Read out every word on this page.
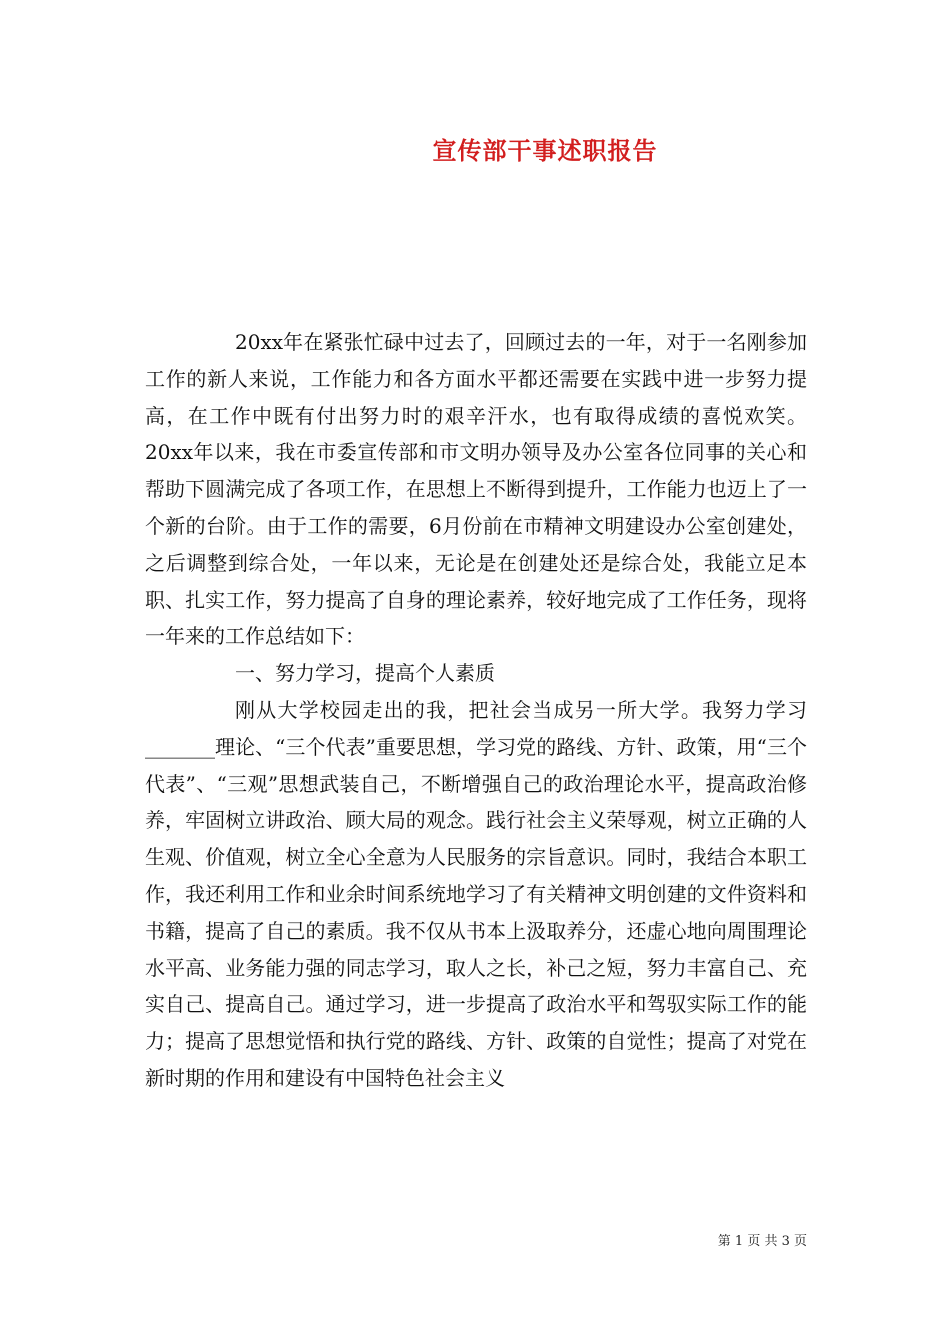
宣传部干事述职报告

20xx年在紧张忙碌中过去了，回顾过去的一年，对于一名刚参加工作的新人来说，工作能力和各方面水平都还需要在实践中进一步努力提高，在工作中既有付出努力时的艰辛汗水，也有取得成绩的喜悦欢笑。20xx年以来，我在市委宣传部和市文明办领导及办公室各位同事的关心和帮助下圆满完成了各项工作，在思想上不断得到提升，工作能力也迈上了一个新的台阶。由于工作的需要，6月份前在市精神文明建设办公室创建处，之后调整到综合处，一年以来，无论是在创建处还是综合处，我能立足本职、扎实工作，努力提高了自身的理论素养，较好地完成了工作任务，现将一年来的工作总结如下：

一、努力学习，提高个人素质

刚从大学校园走出的我，把社会当成另一所大学。我努力学习_______理论、“三个代表”重要思想，学习党的路线、方针、政策，用“三个代表”、“三观”思想武装自己，不断增强自己的政治理论水平，提高政治修养，牢固树立讲政治、顾大局的观念。践行社会主义荣辱观，树立正确的人生观、价值观，树立全心全意为人民服务的宗旨意识。同时，我结合本职工作，我还利用工作和业余时间系统地学习了有关精神文明创建的文件资料和书籍，提高了自己的素质。我不仅从书本上汲取养分，还虚心地向周围理论水平高、业务能力强的同志学习，取人之长，补己之短，努力丰富自己、充实自己、提高自己。通过学习，进一步提高了政治水平和驾驭实际工作的能力；提高了思想觉悟和执行党的路线、方针、政策的自觉性；提高了对党在新时期的作用和建设有中国特色社会主义

第 1 页 共 3 页
